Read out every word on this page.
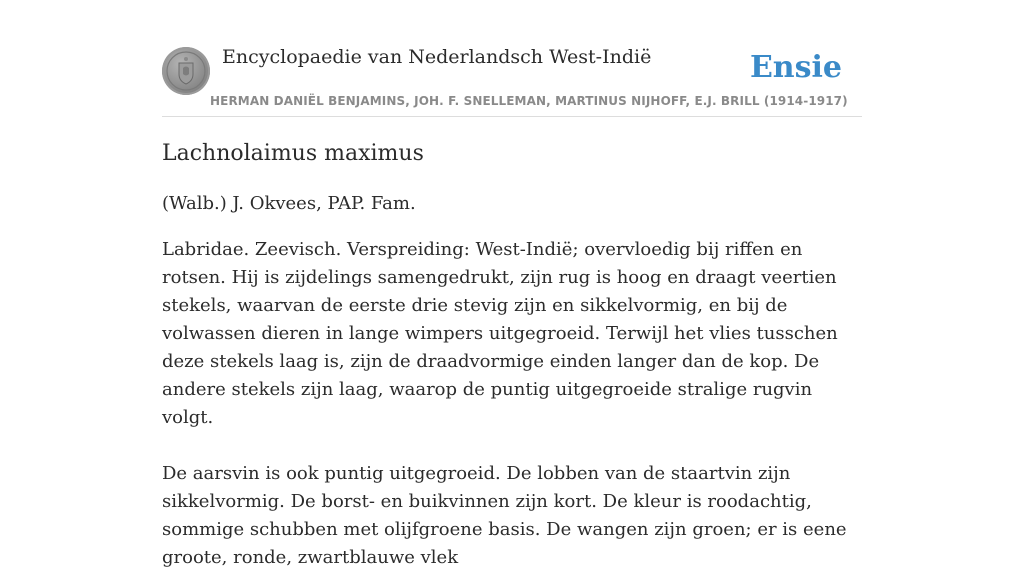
Encyclopaedie van Nederlandsch West-Indië	Ensie
HERMAN DANIËL BENJAMINS, JOH. F. SNELLEMAN, MARTINUS NIJHOFF, E.J. BRILL (1914-1917)
Lachnolaimus maximus

(Walb.) J. Okvees, PAP. Fam.

Labridae. Zeevisch. Verspreiding: West-Indië; overvloedig bij riffen en rotsen. Hij is zijdelings samengedrukt, zijn rug is hoog en draagt veertien stekels, waarvan de eerste drie stevig zijn en sikkelvormig, en bij de volwassen dieren in lange wimpers uitgegroeid. Terwijl het vlies tusschen deze stekels laag is, zijn de draadvormige einden langer dan de kop. De andere stekels zijn laag, waarop de puntig uitgegroeide stralige rugvin volgt.

De aarsvin is ook puntig uitgegroeid. De lobben van de staartvin zijn sikkelvormig. De borst- en buikvinnen zijn kort. De kleur is roodachtig, sommige schubben met olijfgroene basis. De wangen zijn groen; er is eene groote, ronde, zwartblauwe vlek
